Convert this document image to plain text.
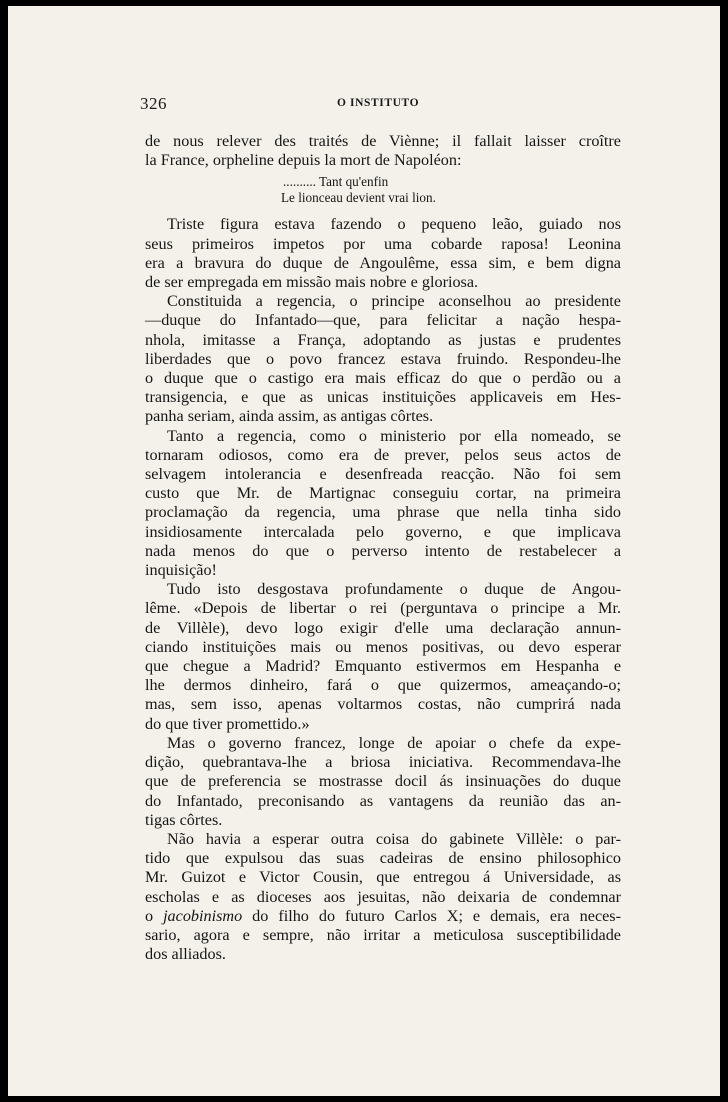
326	O INSTITUTO
de nous relever des traités de Viènne; il fallait laisser croître
la France, orpheline depuis la mort de Napoléon:
.......... Tant qu'enfin
Le lionceau devient vrai lion.
Triste figura estava fazendo o pequeno leão, guiado nos
seus primeiros impetos por uma cobarde raposa! Leonina
era a bravura do duque de Angoulême, essa sim, e bem digna
de ser empregada em missão mais nobre e gloriosa.
Constituida a regencia, o principe aconselhou ao presidente
—duque do Infantado—que, para felicitar a nação hespa-
nhola, imitasse a França, adoptando as justas e prudentes
liberdades que o povo francez estava fruindo. Respondeu-lhe
o duque que o castigo era mais efficaz do que o perdão ou a
transigencia, e que as unicas instituições applicaveis em Hes-
panha seriam, ainda assim, as antigas côrtes.
Tanto a regencia, como o ministerio por ella nomeado, se
tornaram odiosos, como era de prever, pelos seus actos de
selvagem intolerancia e desenfreada reacção. Não foi sem
custo que Mr. de Martignac conseguiu cortar, na primeira
proclamação da regencia, uma phrase que nella tinha sido
insidiosamente intercalada pelo governo, e que implicava
nada menos do que o perverso intento de restabelecer a
inquisição!
Tudo isto desgostava profundamente o duque de Angou-
lême. «Depois de libertar o rei (perguntava o principe a Mr.
de Villèle), devo logo exigir d'elle uma declaração annun-
ciando instituições mais ou menos positivas, ou devo esperar
que chegue a Madrid? Emquanto estivermos em Hespanha e
lhe dermos dinheiro, fará o que quizermos, ameaçando-o;
mas, sem isso, apenas voltarmos costas, não cumprirá nada
do que tiver promettido.»
Mas o governo francez, longe de apoiar o chefe da expe-
dição, quebrantava-lhe a briosa iniciativa. Recommendava-lhe
que de preferencia se mostrasse docil ás insinuações do duque
do Infantado, preconisando as vantagens da reunião das an-
tigas côrtes.
Não havia a esperar outra coisa do gabinete Villèle: o par-
tido que expulsou das suas cadeiras de ensino philosophico
Mr. Guizot e Victor Cousin, que entregou á Universidade, as
escholas e as dioceses aos jesuitas, não deixaria de condemnar
o jacobinismo do filho do futuro Carlos X; e demais, era neces-
sario, agora e sempre, não irritar a meticulosa susceptibilidade
dos alliados.
